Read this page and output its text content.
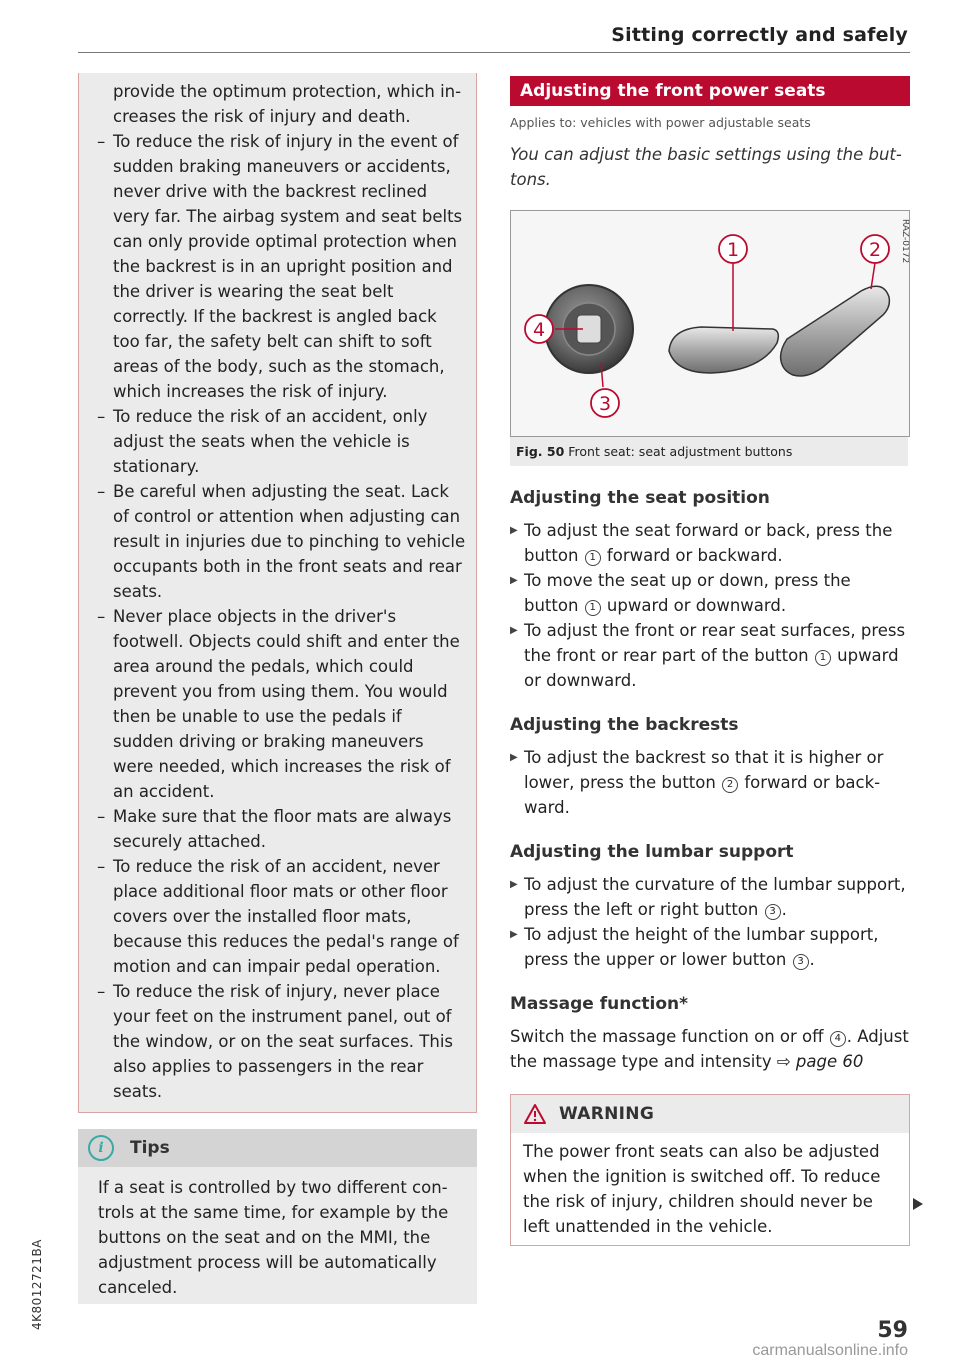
Sitting correctly and safely

provide the optimum protection, which increases the risk of injury and death.

– To reduce the risk of injury in the event of sudden braking maneuvers or accidents, never drive with the backrest reclined very far. The airbag system and seat belts can only provide optimal protection when the backrest is in an upright position and the driver is wearing the seat belt correctly. If the backrest is angled back too far, the safety belt can shift to soft areas of the body, such as the stomach, which increases the risk of injury.
– To reduce the risk of an accident, only adjust the seats when the vehicle is stationary.
– Be careful when adjusting the seat. Lack of control or attention when adjusting can result in injuries due to pinching to vehicle occupants both in the front seats and rear seats.
– Never place objects in the driver's footwell. Objects could shift and enter the area around the pedals, which could prevent you from using them. You would then be unable to use the pedals if sudden driving or braking maneuvers were needed, which increases the risk of an accident.
– Make sure that the floor mats are always securely attached.
– To reduce the risk of an accident, never place additional floor mats or other floor covers over the installed floor mats, because this reduces the pedal's range of motion and can impair pedal operation.
– To reduce the risk of injury, never place your feet on the instrument panel, out of the window, or on the seat surfaces. This also applies to passengers in the rear seats.
i	Tips
If a seat is controlled by two different controls at the same time, for example by the buttons on the seat and on the MMI, the adjustment process will be automatically canceled.
Adjusting the front power seats
Applies to: vehicles with power adjustable seats
You can adjust the basic settings using the buttons.
1	2
3
4
RAZ-0172
Fig. 50 Front seat: seat adjustment buttons
Adjusting the seat position
▶ To adjust the seat forward or back, press the button 1 forward or backward.
▶ To move the seat up or down, press the button 1 upward or downward.
▶ To adjust the front or rear seat surfaces, press the front or rear part of the button 1 upward or downward.
Adjusting the backrests
▶ To adjust the backrest so that it is higher or lower, press the button 2 forward or backward.
Adjusting the lumbar support
▶ To adjust the curvature of the lumbar support, press the left or right button 3 .
▶ To adjust the height of the lumbar support, press the upper or lower button 3 .
Massage function*
Switch the massage function on or off 4 . Adjust the massage type and intensity ⇨ page 60
WARNING
The power front seats can also be adjusted when the ignition is switched off. To reduce the risk of injury, children should never be left unattended in the vehicle.
4K8012721BA
59
carmanualsonline.info
